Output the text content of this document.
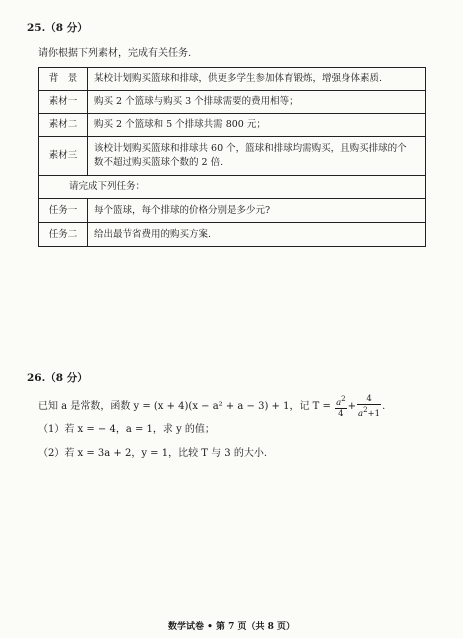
25.（8 分）
请你根据下列素材，完成有关任务.
背　景	某校计划购买篮球和排球，供更多学生参加体育锻炼，增强身体素质.
素材一	购买 2 个篮球与购买 3 个排球需要的费用相等；
素材二	购买 2 个篮球和 5 个排球共需 800 元；
素材三	该校计划购买篮球和排球共 60 个，篮球和排球均需购买，且购买排球的个
数不超过购买篮球个数的 2 倍.

请完成下列任务：	
任务一	每个篮球，每个排球的价格分别是多少元?
任务二	给出最节省费用的购买方案.
26.（8 分）
已知 a 是常数，函数 y = (x + 4)(x − a² + a − 3) + 1，记 $T = \frac{a^2}{4} + \frac{4}{a^2+1}$ .
（1）若 x = − 4，a = 1，求 y 的值；
（2）若 x = 3a + 2，y = 1，比较 T 与 3 的大小.
数学试卷 • 第 7 页（共 8 页）
